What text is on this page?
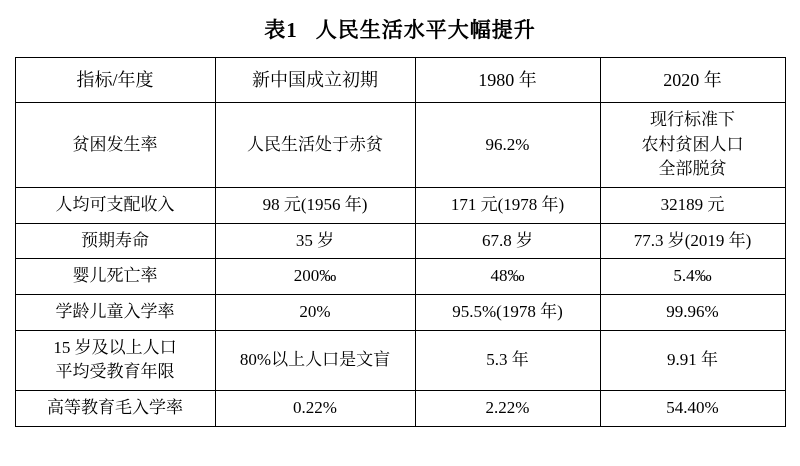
表1 人民生活水平大幅提升
指标/年度	新中国成立初期	1980 年	2020 年
贫困发生率	人民生活处于赤贫	96.2%	现行标准下
农村贫困人口
全部脱贫

人均可支配收入	98 元(1956 年)	171 元(1978 年)	32189 元
预期寿命	35 岁	67.8 岁	77.3 岁(2019 年)
婴儿死亡率	200‰	48‰	5.4‰
学龄儿童入学率	20%	95.5%(1978 年)	99.96%

15 岁及以上人口
平均受教育年限	80%以上人口是文盲	5.3 年	9.91 年
高等教育毛入学率	0.22%	2.22%	54.40%
